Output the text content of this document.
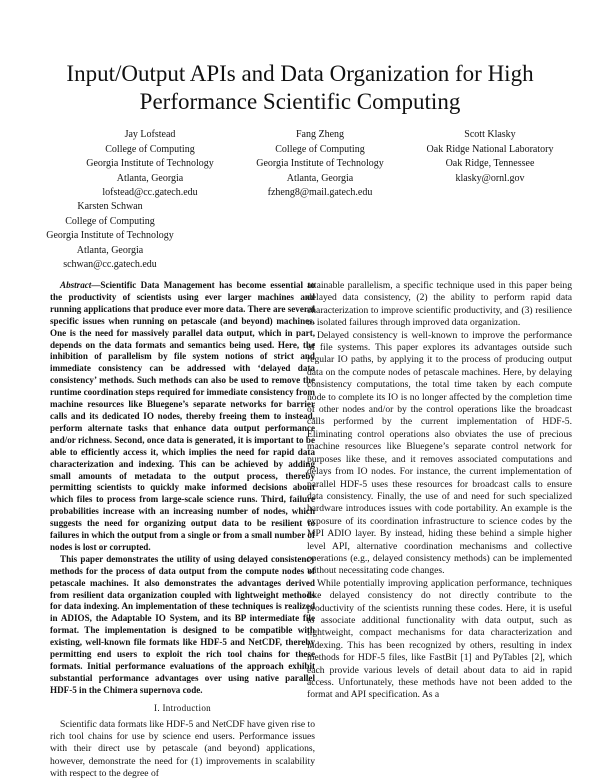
Input/Output APIs and Data Organization for High Performance Scientific Computing
Jay Lofstead
College of Computing
Georgia Institute of Technology
Atlanta, Georgia
lofstead@cc.gatech.edu
Fang Zheng
College of Computing
Georgia Institute of Technology
Atlanta, Georgia
fzheng8@mail.gatech.edu
Scott Klasky
Oak Ridge National Laboratory
Oak Ridge, Tennessee
klasky@ornl.gov
Karsten Schwan
College of Computing
Georgia Institute of Technology
Atlanta, Georgia
schwan@cc.gatech.edu

Abstract—Scientific Data Management has become essential to the productivity of scientists using ever larger machines and running applications that produce ever more data. There are several specific issues when running on petascale (and beyond) machines. One is the need for massively parallel data output, which in part, depends on the data formats and semantics being used. Here, the inhibition of parallelism by file system notions of strict and immediate consistency can be addressed with ‘delayed data consistency’ methods. Such methods can also be used to remove the runtime coordination steps required for immediate consistency from machine resources like Bluegene’s separate networks for barrier calls and its dedicated IO nodes, thereby freeing them to instead, perform alternate tasks that enhance data output performance and/or richness. Second, once data is generated, it is important to be able to efficiently access it, which implies the need for rapid data characterization and indexing. This can be achieved by adding small amounts of metadata to the output process, thereby permitting scientists to quickly make informed decisions about which files to process from large-scale science runs. Third, failure probabilities increase with an increasing number of nodes, which suggests the need for organizing output data to be resilient to failures in which the output from a single or from a small number of nodes is lost or corrupted.

This paper demonstrates the utility of using delayed consistency methods for the process of data output from the compute nodes of petascale machines. It also demonstrates the advantages derived from resilient data organization coupled with lightweight methods for data indexing. An implementation of these techniques is realized in ADIOS, the Adaptable IO System, and its BP intermediate file format. The implementation is designed to be compatible with existing, well-known file formats like HDF-5 and NetCDF, thereby permitting end users to exploit the rich tool chains for these formats. Initial performance evaluations of the approach exhibit substantial performance advantages over using native parallel HDF-5 in the Chimera supernova code.

I. Introduction

Scientific data formats like HDF-5 and NetCDF have given rise to rich tool chains for use by science end users. Performance issues with their direct use by petascale (and beyond) applications, however, demonstrate the need for (1) improvements in scalability with respect to the degree of

attainable parallelism, a specific technique used in this paper being delayed data consistency, (2) the ability to perform rapid data characterization to improve scientific productivity, and (3) resilience to isolated failures through improved data organization.

Delayed consistency is well-known to improve the performance of file systems. This paper explores its advantages outside such regular IO paths, by applying it to the process of producing output data on the compute nodes of petascale machines. Here, by delaying consistency computations, the total time taken by each compute node to complete its IO is no longer affected by the completion time of other nodes and/or by the control operations like the broadcast calls performed by the current implementation of HDF-5. Eliminating control operations also obviates the use of precious machine resources like Bluegene’s separate control network for purposes like these, and it removes associated computations and delays from IO nodes. For instance, the current implementation of parallel HDF-5 uses these resources for broadcast calls to ensure data consistency. Finally, the use of and need for such specialized hardware introduces issues with code portability. An example is the exposure of its coordination infrastructure to science codes by the MPI ADIO layer. By instead, hiding these behind a simple higher level API, alternative coordination mechanisms and collective operations (e.g., delayed consistency methods) can be implemented without necessitating code changes.

While potentially improving application performance, techniques like delayed consistency do not directly contribute to the productivity of the scientists running these codes. Here, it is useful to associate additional functionality with data output, such as lightweight, compact mechanisms for data characterization and indexing. This has been recognized by others, resulting in index methods for HDF-5 files, like FastBit [1] and PyTables [2], which each provide various levels of detail about data to aid in rapid access. Unfortunately, these methods have not been added to the format and API specification. As a
